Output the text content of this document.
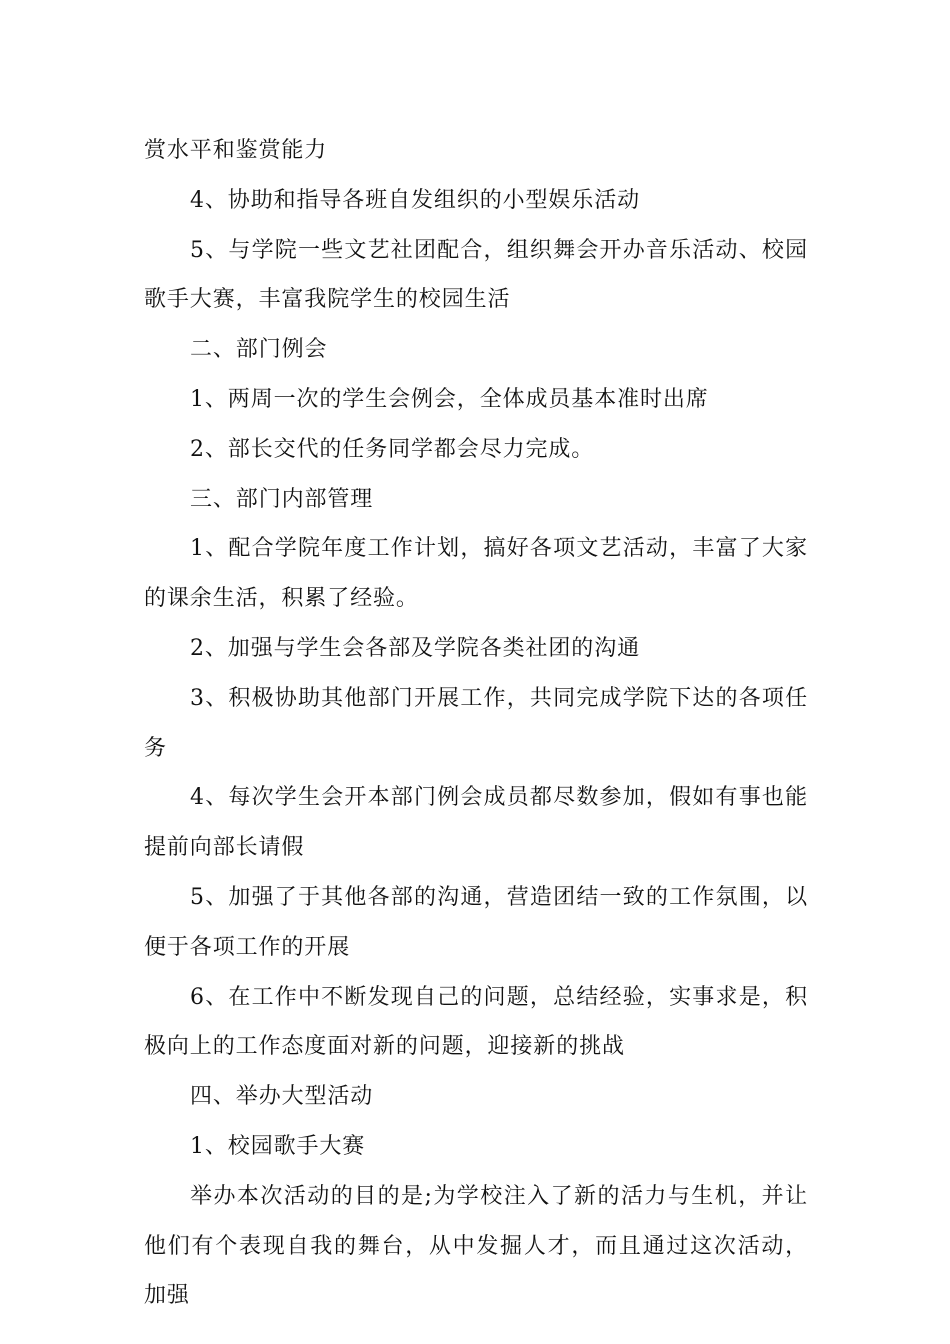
赏水平和鉴赏能力

4、协助和指导各班自发组织的小型娱乐活动

5、与学院一些文艺社团配合，组织舞会开办音乐活动、校园歌手大赛，丰富我院学生的校园生活

二、部门例会

1、两周一次的学生会例会，全体成员基本准时出席

2、部长交代的任务同学都会尽力完成。

三、部门内部管理

1、配合学院年度工作计划，搞好各项文艺活动，丰富了大家的课余生活，积累了经验。

2、加强与学生会各部及学院各类社团的沟通

3、积极协助其他部门开展工作，共同完成学院下达的各项任务

4、每次学生会开本部门例会成员都尽数参加，假如有事也能提前向部长请假

5、加强了于其他各部的沟通，营造团结一致的工作氛围，以便于各项工作的开展

6、在工作中不断发现自己的问题，总结经验，实事求是，积极向上的工作态度面对新的问题，迎接新的挑战

四、举办大型活动

1、校园歌手大赛

举办本次活动的目的是;为学校注入了新的活力与生机，并让他们有个表现自我的舞台，从中发掘人才，而且通过这次活动，加强
